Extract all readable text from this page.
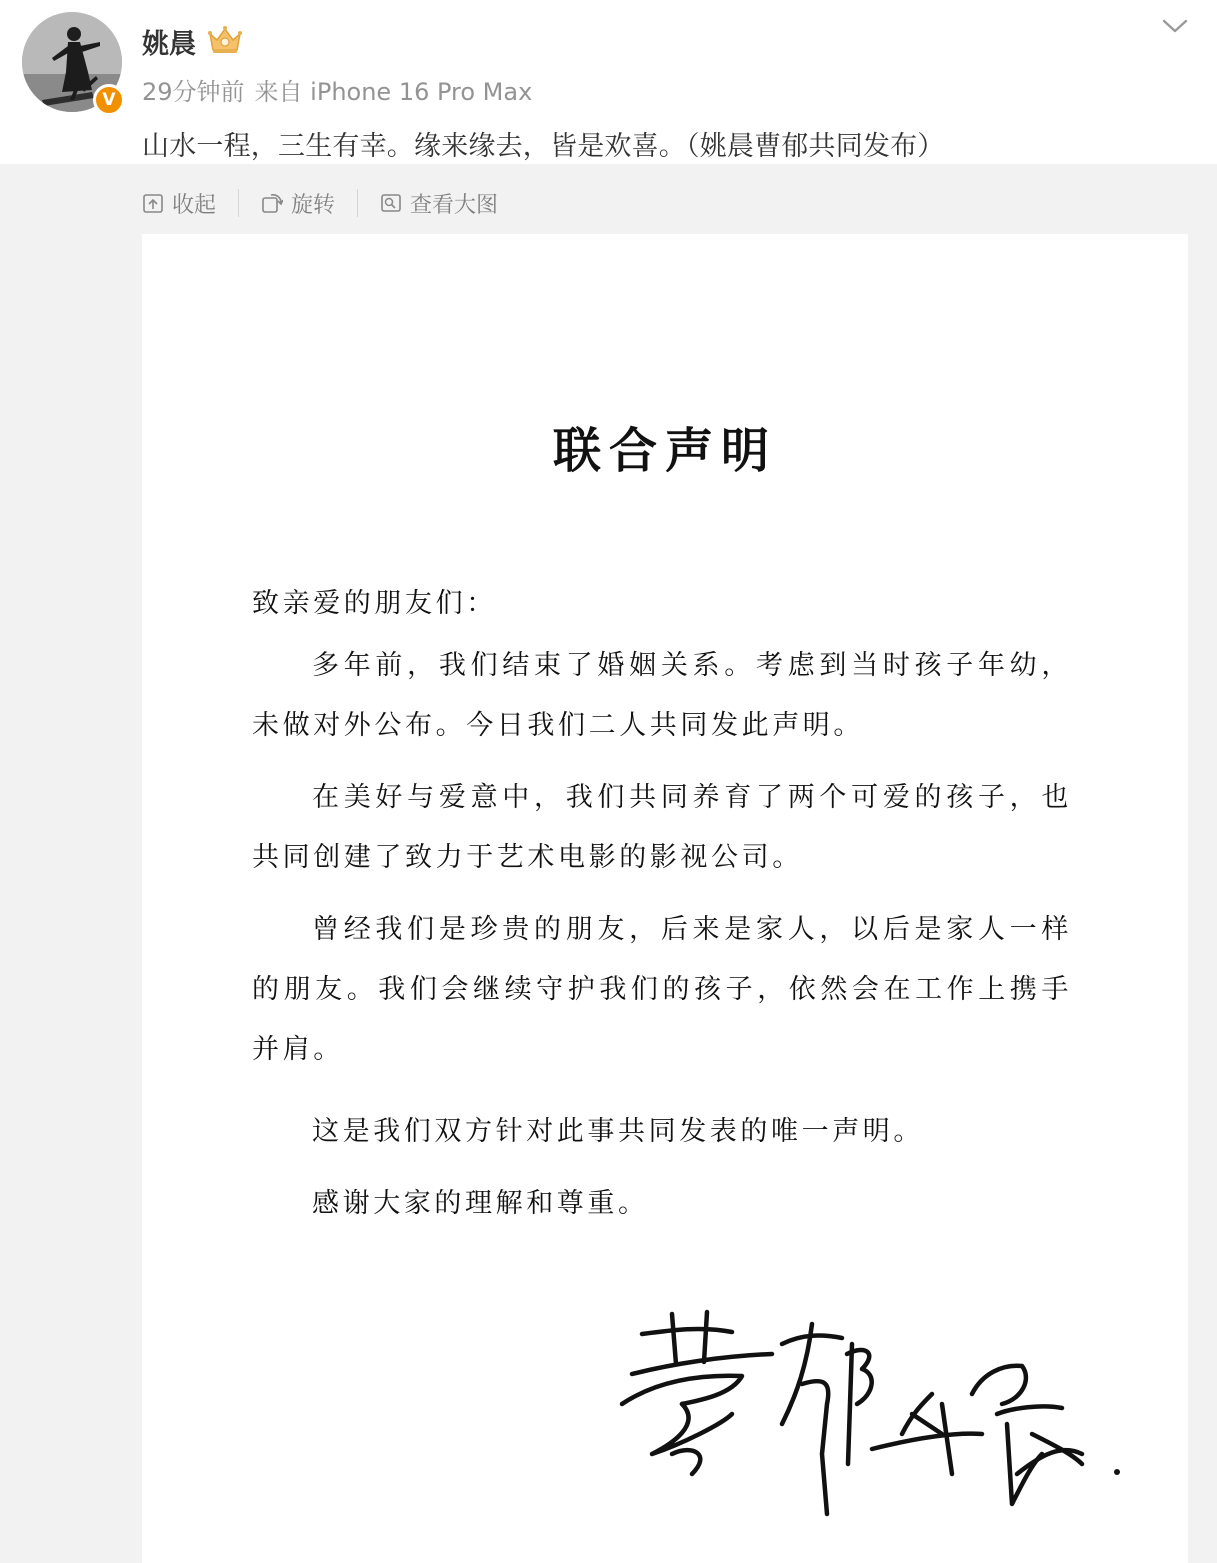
V
姚晨
29分钟前 来自 iPhone 16 Pro Max
山水一程，三生有幸。缘来缘去，皆是欢喜。（姚晨曹郁共同发布）
收起	旋转	查看大图
联合声明

致亲爱的朋友们：

多年前，我们结束了婚姻关系。考虑到当时孩子年幼，未做对外公布。今日我们二人共同发此声明。

在美好与爱意中，我们共同养育了两个可爱的孩子，也共同创建了致力于艺术电影的影视公司。

曾经我们是珍贵的朋友，后来是家人，以后是家人一样的朋友。我们会继续守护我们的孩子，依然会在工作上携手并肩。

这是我们双方针对此事共同发表的唯一声明。

感谢大家的理解和尊重。
